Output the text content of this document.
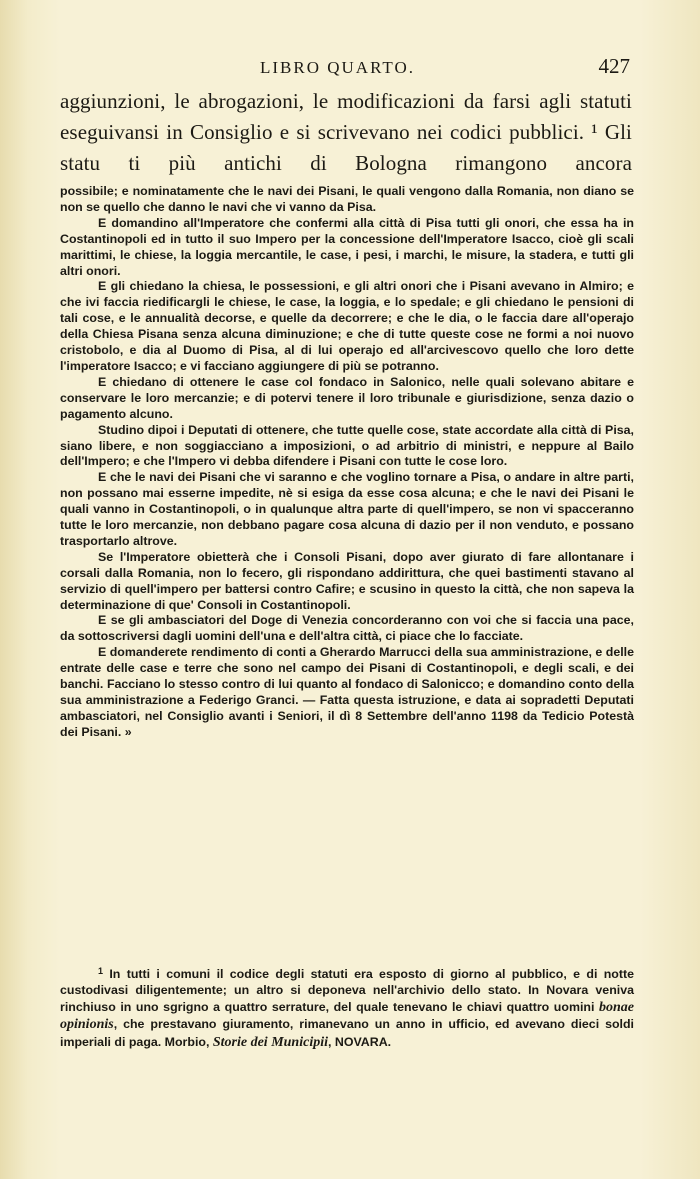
LIBRO QUARTO.	427

aggiunzioni, le abrogazioni, le modificazioni da farsi agli statuti eseguivansi in Consiglio e si scrivevano nei codici pubblici. ¹ Gli statu ti più antichi di Bologna rimangono ancora

possibile; e nominatamente che le navi dei Pisani, le quali vengono dalla Romania, non diano se non se quello che danno le navi che vi vanno da Pisa.

E domandino all'Imperatore che confermi alla città di Pisa tutti gli onori, che essa ha in Costantinopoli ed in tutto il suo Impero per la concessione dell'Imperatore Isacco, cioè gli scali marittimi, le chiese, la loggia mercantile, le case, i pesi, i marchi, le misure, la stadera, e tutti gli altri onori.

E gli chiedano la chiesa, le possessioni, e gli altri onori che i Pisani avevano in Almiro; e che ivi faccia riedificargli le chiese, le case, la loggia, e lo spedale; e gli chiedano le pensioni di tali cose, e le annualità decorse, e quelle da decorrere; e che le dia, o le faccia dare all'operajo della Chiesa Pisana senza alcuna diminuzione; e che di tutte queste cose ne formi a noi nuovo cristobolo, e dia al Duomo di Pisa, al di lui operajo ed all'arcivescovo quello che loro dette l'imperatore Isacco; e vi facciano aggiungere di più se potranno.

E chiedano di ottenere le case col fondaco in Salonico, nelle quali solevano abitare e conservare le loro mercanzie; e di potervi tenere il loro tribunale e giurisdizione, senza dazio o pagamento alcuno.

Studino dipoi i Deputati di ottenere, che tutte quelle cose, state accordate alla città di Pisa, siano libere, e non soggiacciano a imposizioni, o ad arbitrio di ministri, e neppure al Bailo dell'Impero; e che l'Impero vi debba difendere i Pisani con tutte le cose loro.

E che le navi dei Pisani che vi saranno e che voglino tornare a Pisa, o andare in altre parti, non possano mai esserne impedite, nè si esiga da esse cosa alcuna; e che le navi dei Pisani le quali vanno in Costantinopoli, o in qualunque altra parte di quell'impero, se non vi spacceranno tutte le loro mercanzie, non debbano pagare cosa alcuna di dazio per il non venduto, e possano trasportarlo altrove.

Se l'Imperatore obietterà che i Consoli Pisani, dopo aver giurato di fare allontanare i corsali dalla Romania, non lo fecero, gli rispondano addirittura, che quei bastimenti stavano al servizio di quell'impero per battersi contro Cafire; e scusino in questo la città, che non sapeva la determinazione di que' Consoli in Costantinopoli.

E se gli ambasciatori del Doge di Venezia concorderanno con voi che si faccia una pace, da sottoscriversi dagli uomini dell'una e dell'altra città, ci piace che lo facciate.

E domanderete rendimento di conti a Gherardo Marrucci della sua amministrazione, e delle entrate delle case e terre che sono nel campo dei Pisani di Costantinopoli, e degli scali, e dei banchi. Facciano lo stesso contro di lui quanto al fondaco di Salonicco; e domandino conto della sua amministrazione a Federigo Granci. — Fatta questa istruzione, e data ai sopradetti Deputati ambasciatori, nel Consiglio avanti i Seniori, il dì 8 Settembre dell'anno 1198 da Tedicio Potestà dei Pisani. »

$^1$ In tutti i comuni il codice degli statuti era esposto di giorno al pubblico, e di notte custodivasi diligentemente; un altro si deponeva nell'archivio dello stato. In Novara veniva rinchiuso in uno sgrigno a quattro serrature, del quale tenevano le chiavi quattro uomini bonae opinionis, che prestavano giuramento, rimanevano un anno in ufficio, ed avevano dieci soldi imperiali di paga. Morbio, Storie dei Municipii, NOVARA.
